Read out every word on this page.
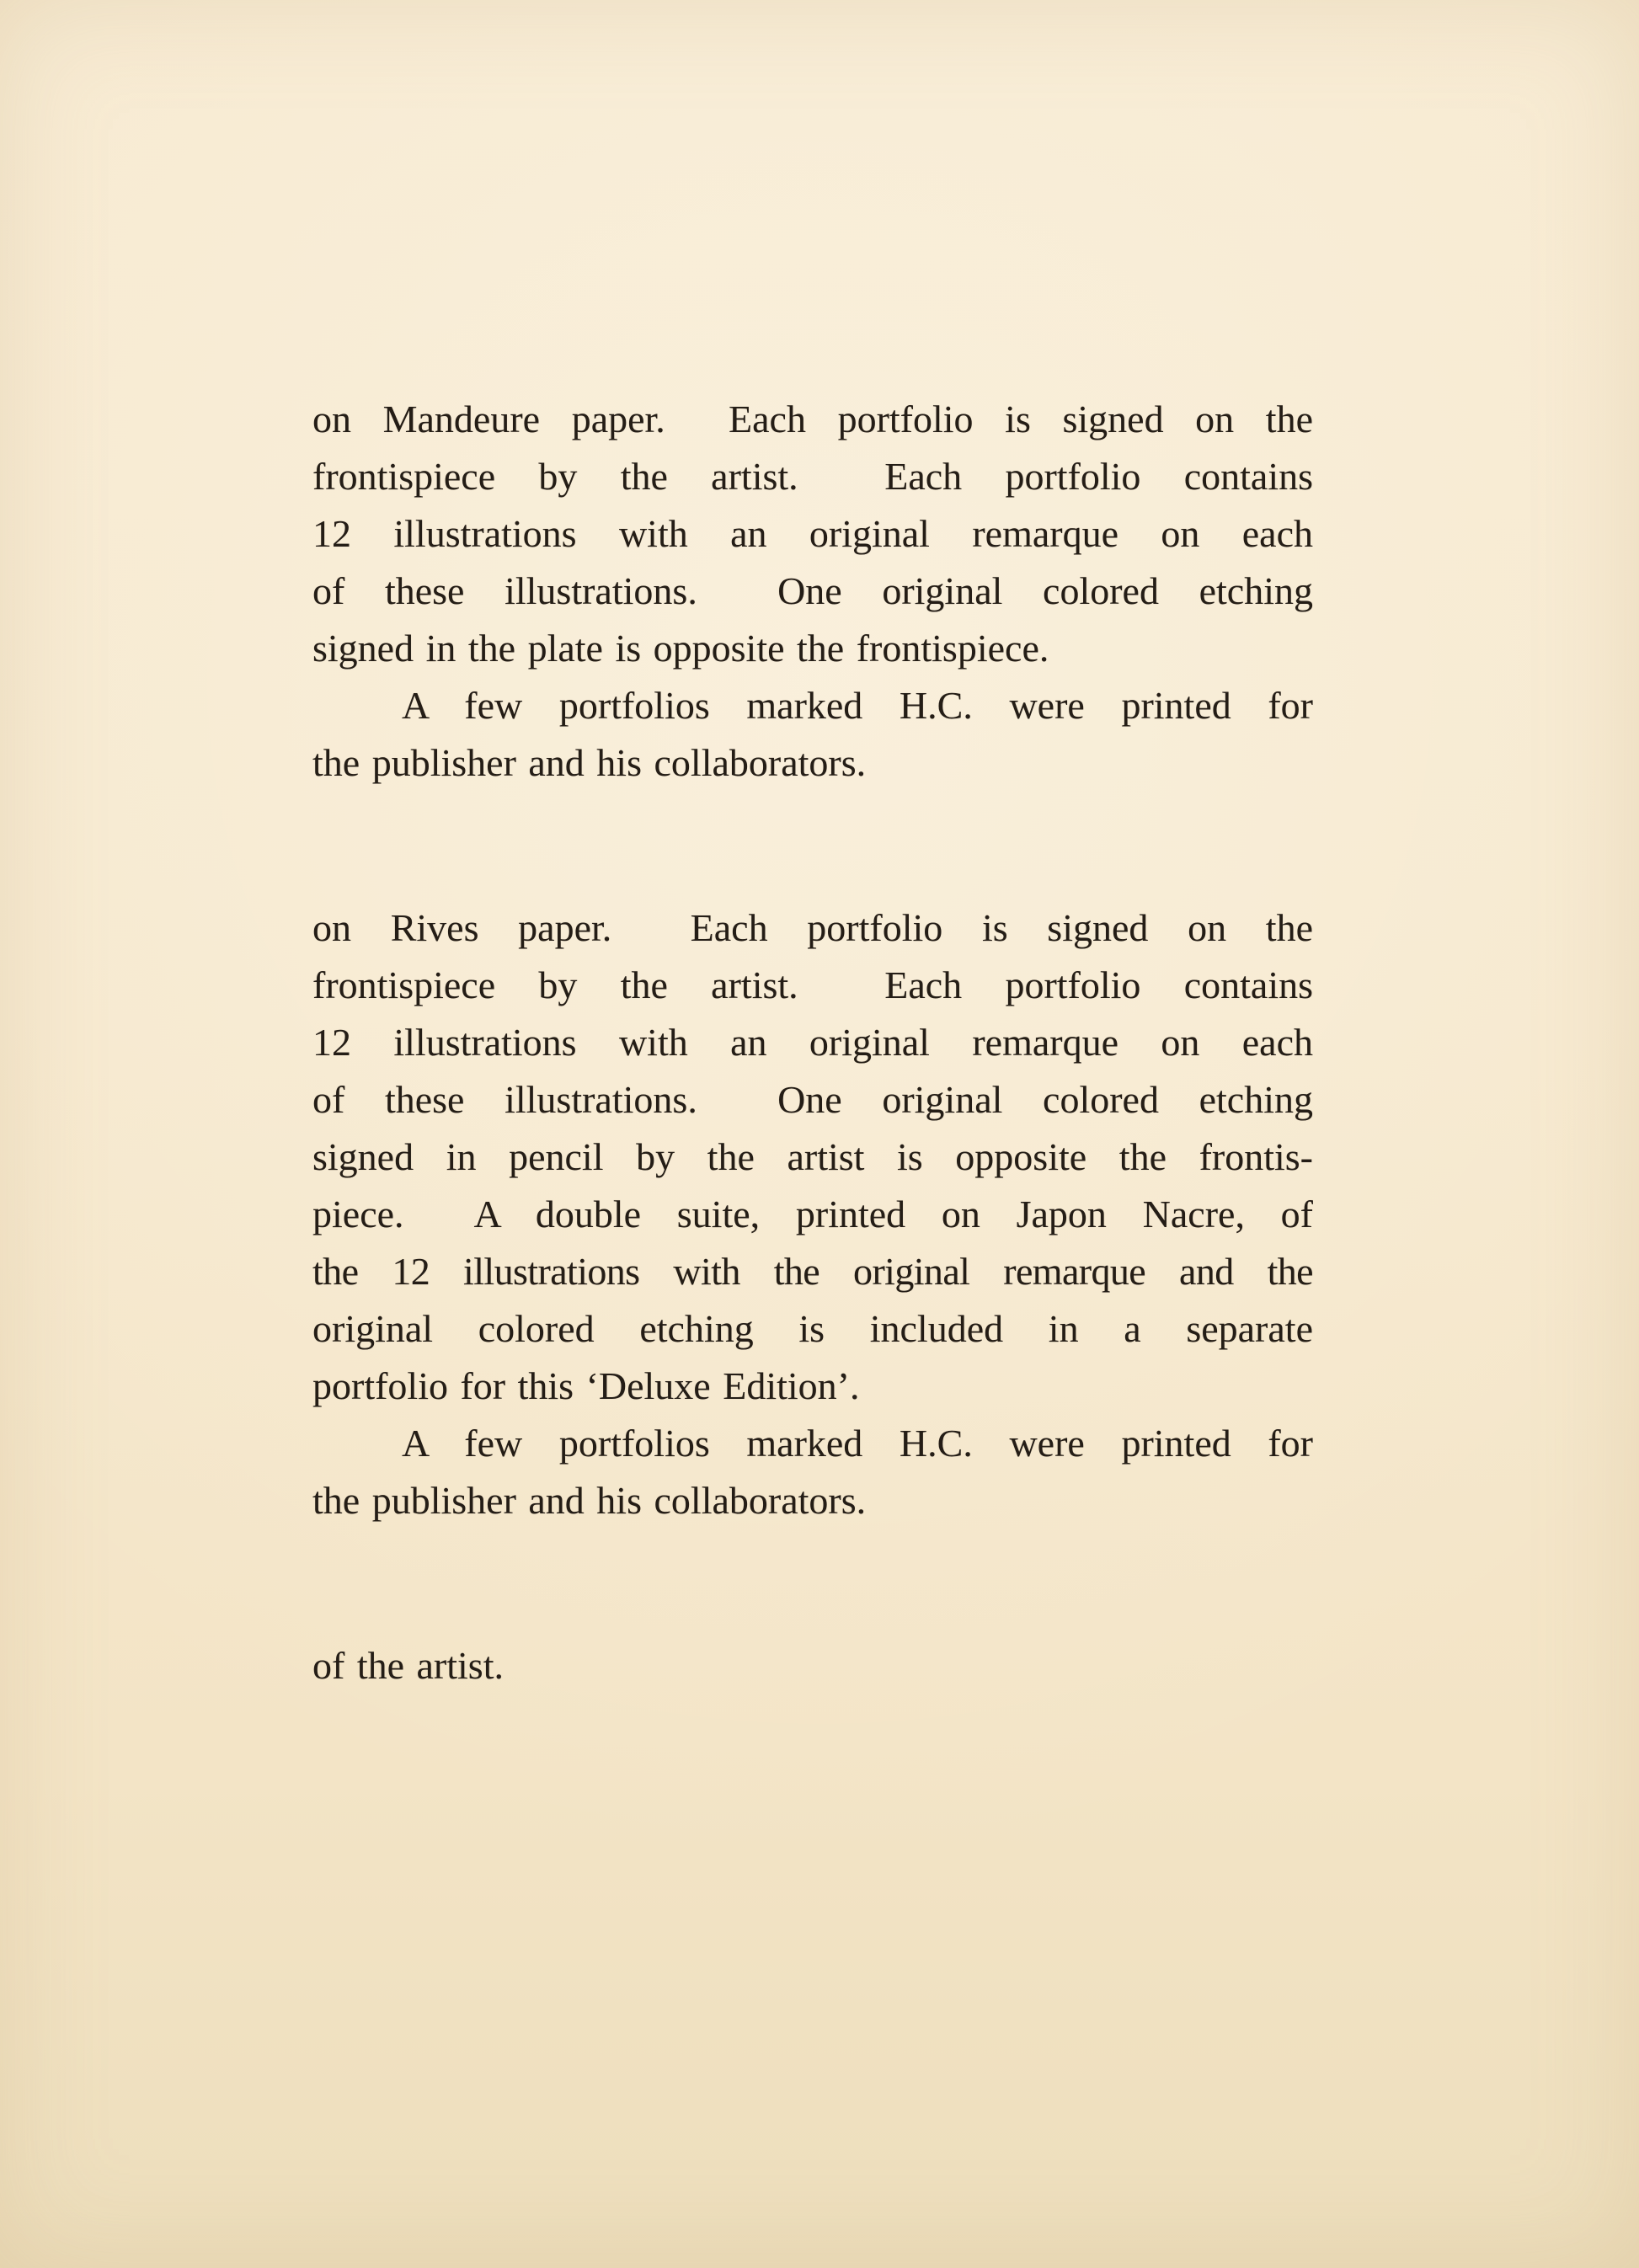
on Mandeure paper.  Each portfolio is signed on the
frontispiece by the artist.  Each portfolio contains
12 illustrations with an original remarque on each
of these illustrations.  One original colored etching
signed in the plate is opposite the frontispiece.
A few portfolios marked H.C. were printed for
the publisher and his collaborators.

on Rives paper.  Each portfolio is signed on the
frontispiece by the artist.  Each portfolio contains
12 illustrations with an original remarque on each
of these illustrations.  One original colored etching
signed in pencil by the artist is opposite the frontis-
piece.  A double suite, printed on Japon Nacre, of
the 12 illustrations with the original remarque and the
original colored etching is included in a separate
portfolio for this ‘Deluxe Edition’.
A few portfolios marked H.C. were printed for
the publisher and his collaborators.

of the artist.
